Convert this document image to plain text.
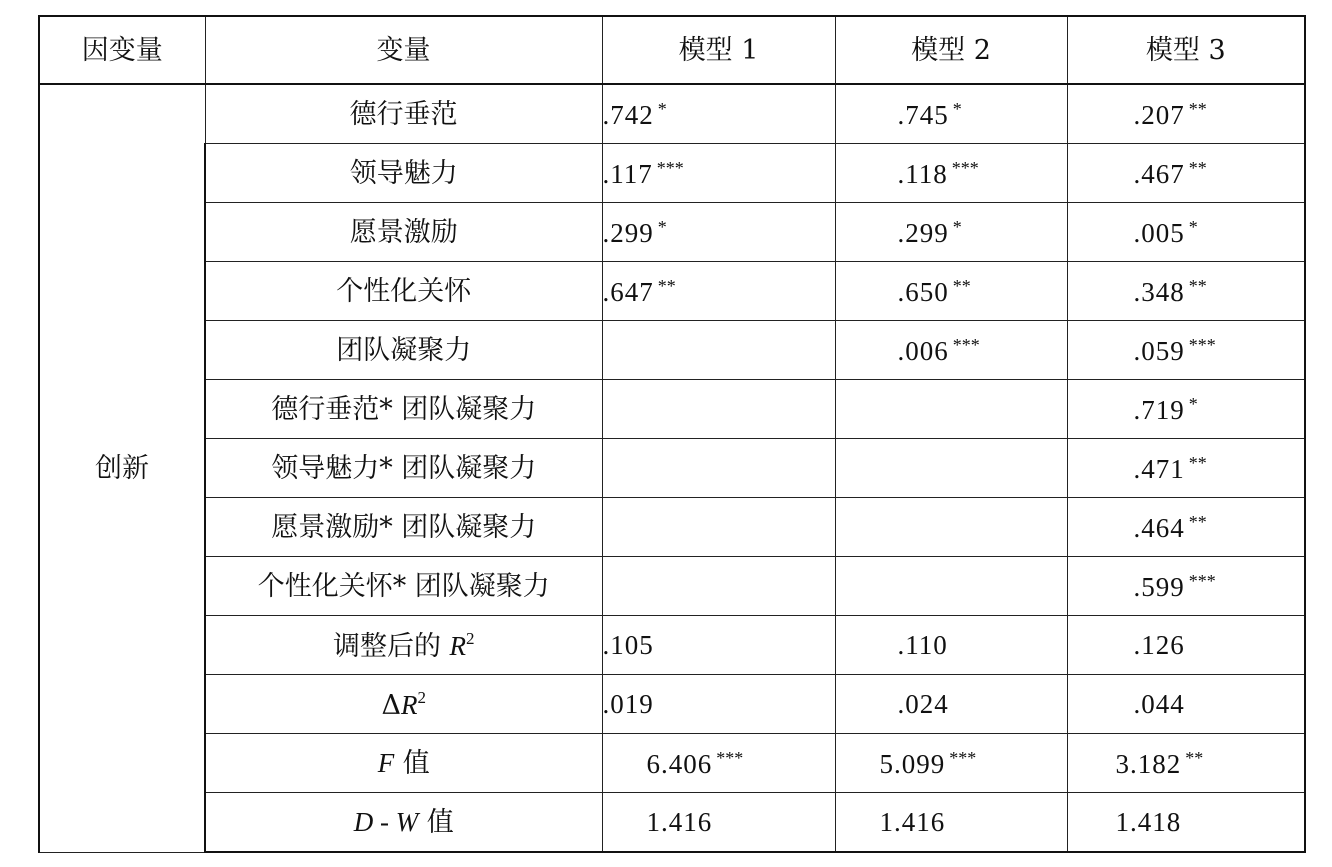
因变量	变量	模型 1	模型 2	模型 3
创新	德行垂范	.742 *	.745 *	.207 **
	领导魅力	.117 ***	.118 ***	.467 **
	愿景激励	.299 *	.299 *	.005 *
	个性化关怀	.647 **	.650 **	.348 **
	团队凝聚力		.006 ***	.059 ***
	德行垂范* 团队凝聚力			.719 *
	领导魅力* 团队凝聚力			.471 **
	愿景激励* 团队凝聚力			.464 **
	个性化关怀* 团队凝聚力			.599 ***
	调整后的 $R^2$	.105	.110	.126
	$\Delta R^2$	.019	.024	.044
	F 值	6.406 ***	5.099 ***	3.182 **
	D - W 值	1.416	1.416	1.418
